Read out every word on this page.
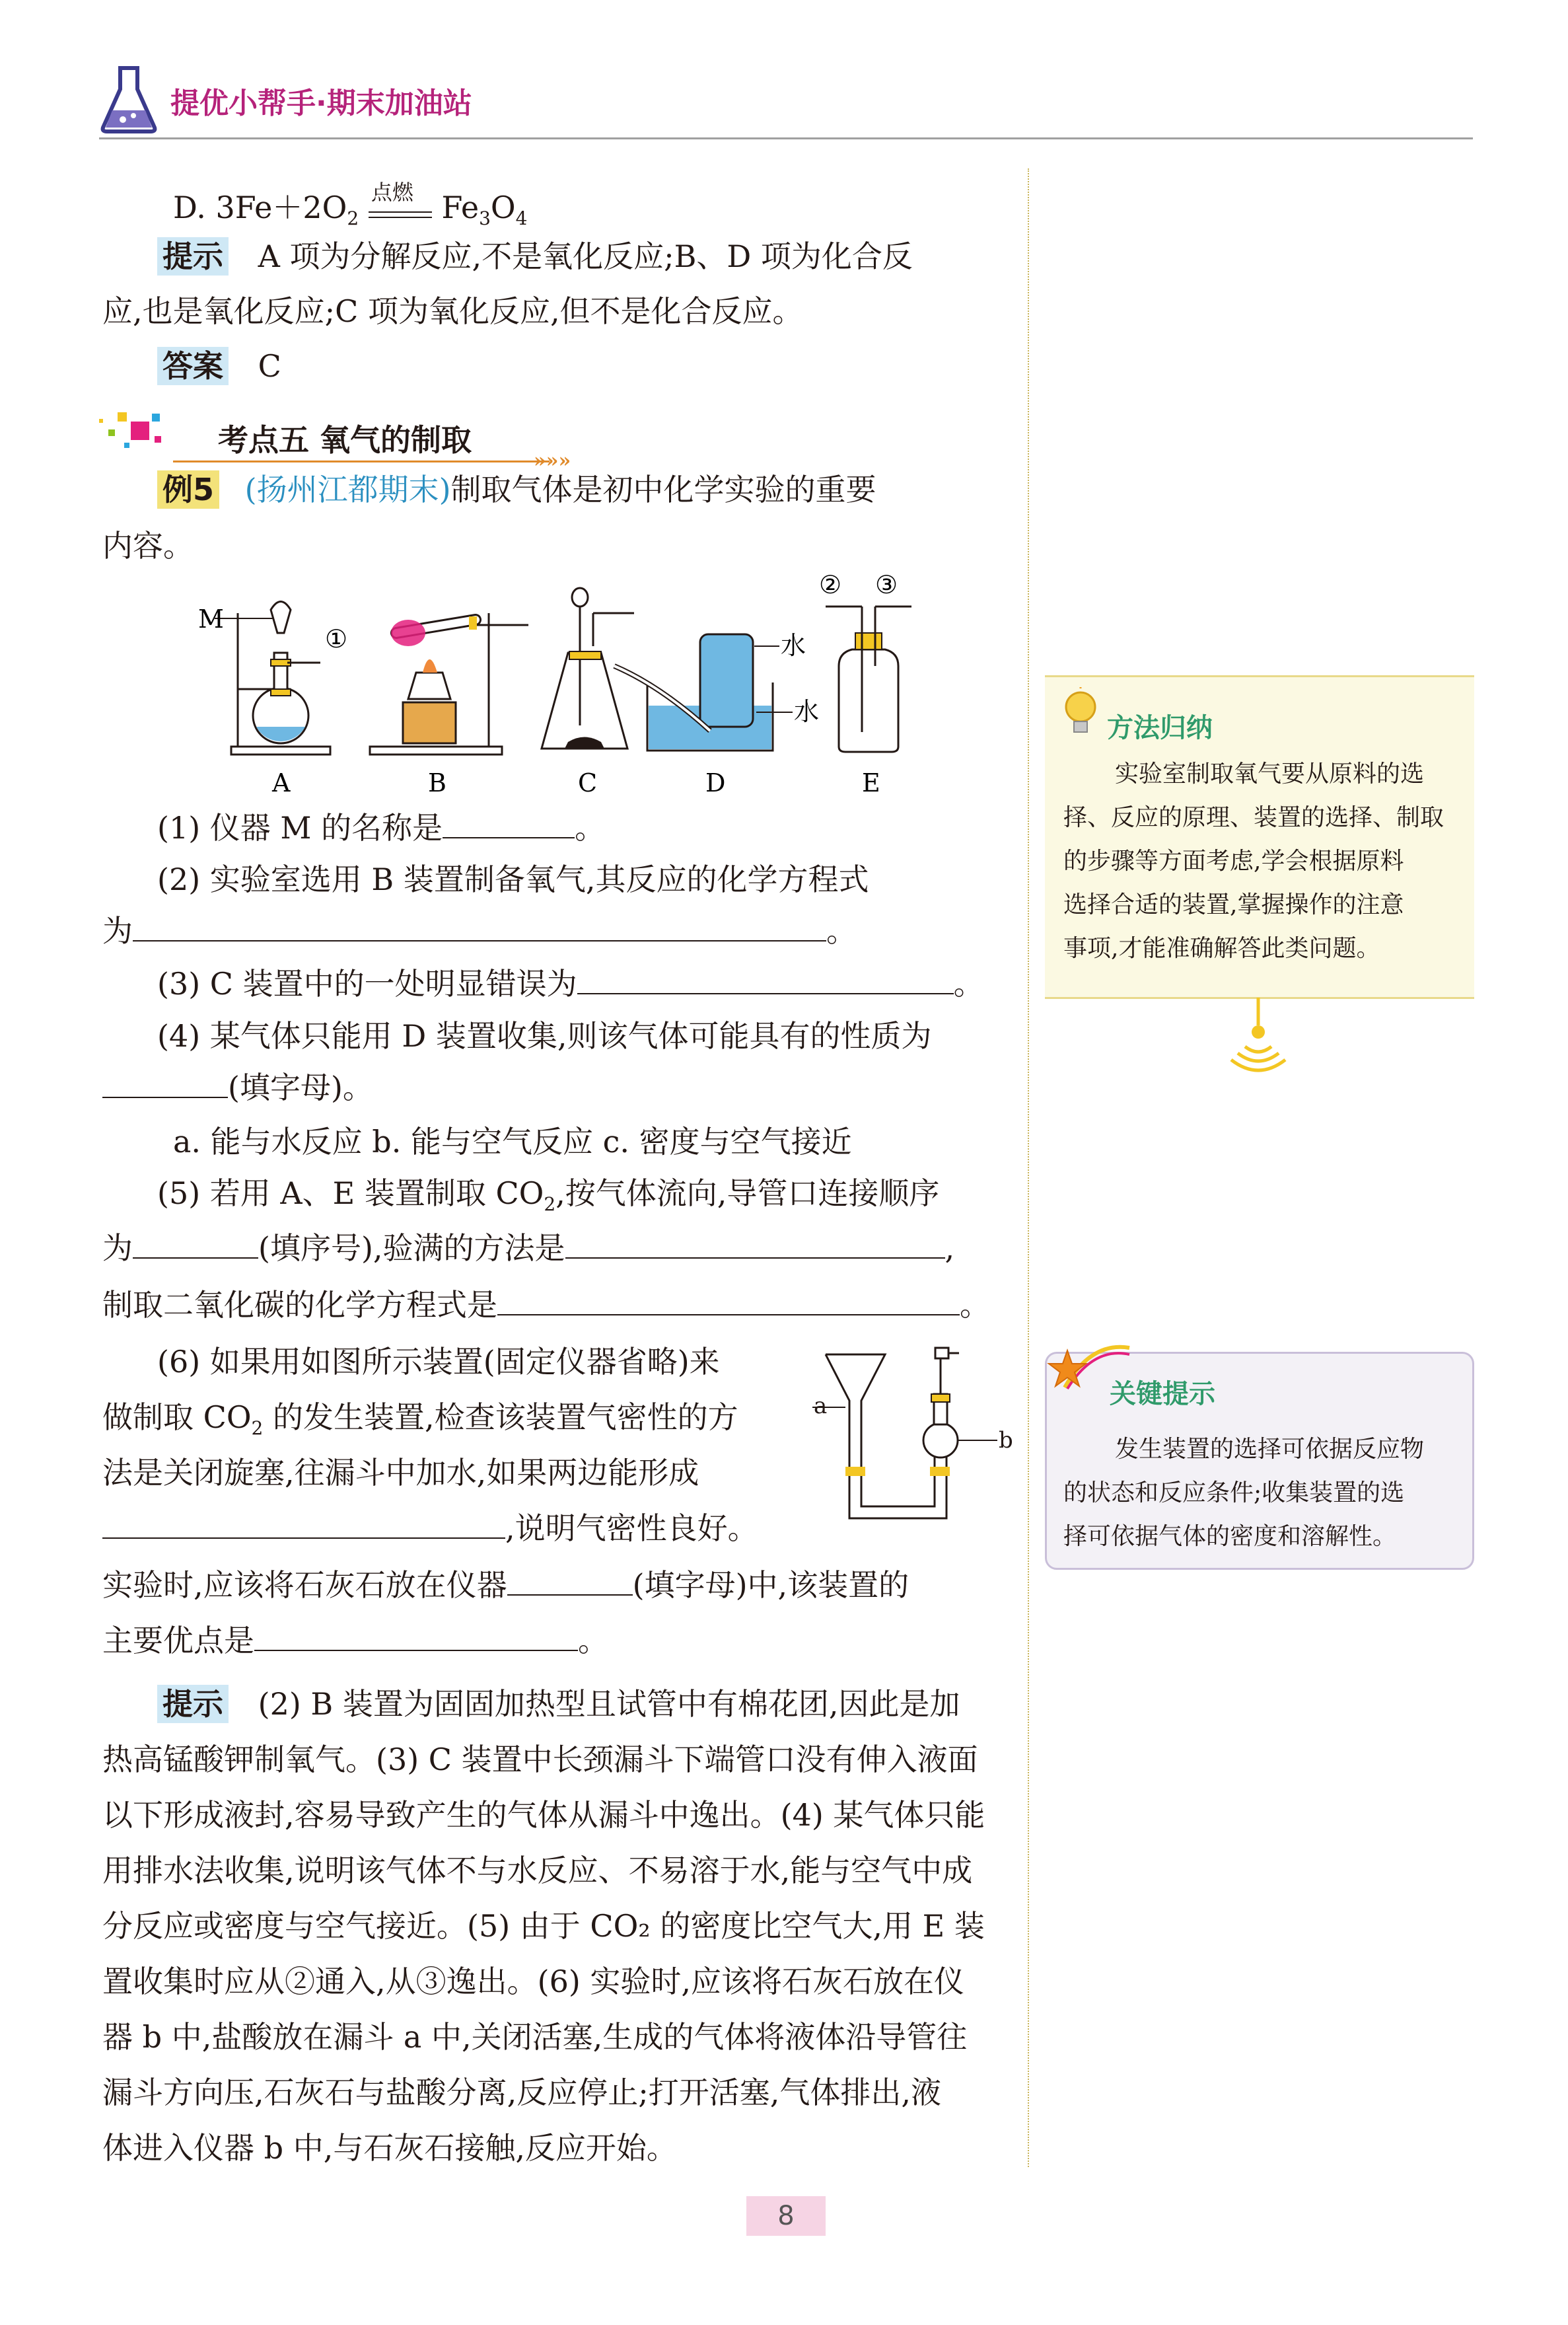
提优小帮手·期末加油站
D. $3Fe+2O_2$
点燃 $Fe_3O_4$
提示 A 项为分解反应,不是氧化反应;B、D 项为化合反
应,也是氧化反应;C 项为氧化反应,但不是化合反应。
答案 C
考点五 氧气的制取
»»»
例5 (扬州江都期末)制取气体是初中化学实验的重要
内容。
M
①	水
水
② ③
A	B	C	D	E
(1) 仪器 M 的名称是	。
(2) 实验室选用 B 装置制备氧气,其反应的化学方程式
为	。
(3) C 装置中的一处明显错误为	。
(4) 某气体只能用 D 装置收集,则该气体可能具有的性质为
(填字母)。
a. 能与水反应 b. 能与空气反应 c. 密度与空气接近
(5) 若用 A、E 装置制取 $CO_2$,按气体流向,导管口连接顺序
为	(填序号),验满的方法是	,
制取二氧化碳的化学方程式是	。
(6) 如果用如图所示装置(固定仪器省略)来
做制取 $CO_2$ 的发生装置,检查该装置气密性的方
法是关闭旋塞,往漏斗中加水,如果两边能形成
,说明气密性良好。
实验时,应该将石灰石放在仪器	(填字母)中,该装置的
主要优点是	。
a
b
提示 (2) B 装置为固固加热型且试管中有棉花团,因此是加
热高锰酸钾制氧气。(3) C 装置中长颈漏斗下端管口没有伸入液面
以下形成液封,容易导致产生的气体从漏斗中逸出。(4) 某气体只能
用排水法收集,说明该气体不与水反应、不易溶于水,能与空气中成
分反应或密度与空气接近。(5) 由于 CO₂ 的密度比空气大,用 E 装
置收集时应从②通入,从③逸出。(6) 实验时,应该将石灰石放在仪
器 b 中,盐酸放在漏斗 a 中,关闭活塞,生成的气体将液体沿导管往
漏斗方向压,石灰石与盐酸分离,反应停止;打开活塞,气体排出,液
体进入仪器 b 中,与石灰石接触,反应开始。
方法归纳
实验室制取氧气要从原料的选
择、反应的原理、装置的选择、制取
的步骤等方面考虑,学会根据原料
选择合适的装置,掌握操作的注意
事项,才能准确解答此类问题。
关键提示
发生装置的选择可依据反应物
的状态和反应条件;收集装置的选
择可依据气体的密度和溶解性。
8
